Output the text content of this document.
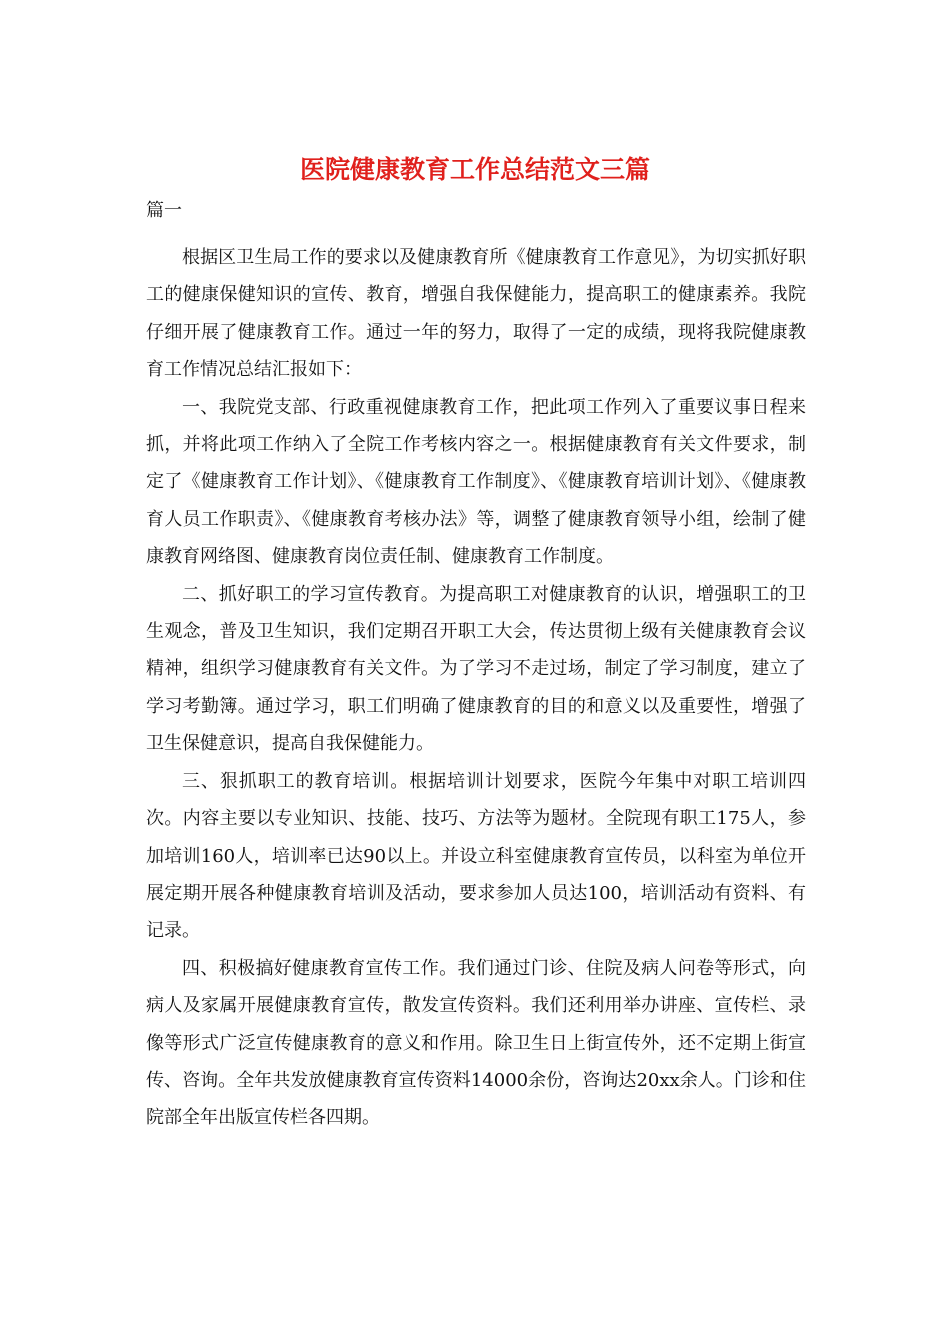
医院健康教育工作总结范文三篇

篇一

根据区卫生局工作的要求以及健康教育所《健康教育工作意见》，为切实抓好职工的健康保健知识的宣传、教育，增强自我保健能力，提高职工的健康素养。我院仔细开展了健康教育工作。通过一年的努力，取得了一定的成绩，现将我院健康教育工作情况总结汇报如下：

一、我院党支部、行政重视健康教育工作，把此项工作列入了重要议事日程来抓，并将此项工作纳入了全院工作考核内容之一。根据健康教育有关文件要求，制定了《健康教育工作计划》、《健康教育工作制度》、《健康教育培训计划》、《健康教育人员工作职责》、《健康教育考核办法》等，调整了健康教育领导小组，绘制了健康教育网络图、健康教育岗位责任制、健康教育工作制度。

二、抓好职工的学习宣传教育。为提高职工对健康教育的认识，增强职工的卫生观念，普及卫生知识，我们定期召开职工大会，传达贯彻上级有关健康教育会议精神，组织学习健康教育有关文件。为了学习不走过场，制定了学习制度，建立了学习考勤簿。通过学习，职工们明确了健康教育的目的和意义以及重要性，增强了卫生保健意识，提高自我保健能力。

三、狠抓职工的教育培训。根据培训计划要求，医院今年集中对职工培训四次。内容主要以专业知识、技能、技巧、方法等为题材。全院现有职工175人，参加培训160人，培训率已达90以上。并设立科室健康教育宣传员，以科室为单位开展定期开展各种健康教育培训及活动，要求参加人员达100，培训活动有资料、有记录。

四、积极搞好健康教育宣传工作。我们通过门诊、住院及病人问卷等形式，向病人及家属开展健康教育宣传，散发宣传资料。我们还利用举办讲座、宣传栏、录像等形式广泛宣传健康教育的意义和作用。除卫生日上街宣传外，还不定期上街宣传、咨询。全年共发放健康教育宣传资料14000余份，咨询达20xx余人。门诊和住院部全年出版宣传栏各四期。
